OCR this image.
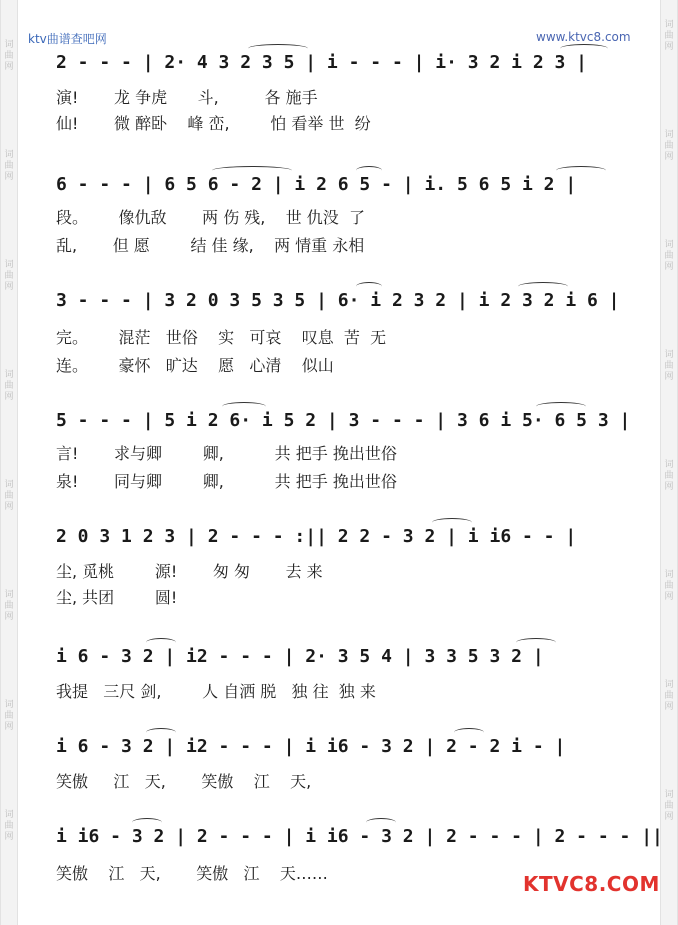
词
曲
网
词
曲
网
词
曲
网
词
曲
网
词
曲
网
词
曲
网
词
曲
网
词
曲
网
词
曲
网
词
曲
网
词
曲
网
词
曲
网
词
曲
网
词
曲
网
词
曲
网
词
曲
网
ktv曲谱查吧网	www.ktvc8.com
2 - - - | 2· 4 3 2 3 5 | i - - - | i· 3 2 i 2 3 |
演!       龙 争虎      斗,         各 施手
仙!       微 醉卧    峰 峦,        怕 看举 世  纷
6 - - - | 6 5 6 - 2 | i 2 6 5 - | i. 5 6 5 i 2 |
段。      像仇敌       两 伤 残,    世 仇没  了
乱,       但 愿        结 佳 缘,    两 情重 永相
3 - - - | 3 2 0 3 5 3 5 | 6· i 2 3 2 | i 2 3 2 i 6 |
完。      混茫   世俗    实   可哀    叹息  苦  无
连。      豪怀   旷达    愿   心清    似山
5 - - - | 5 i 2 6· i 5 2 | 3 - - - | 3 6 i 5· 6 5 3 |
言!       求与卿        卿,          共 把手 挽出世俗
泉!       同与卿        卿,          共 把手 挽出世俗
2 0 3 1 2 3 | 2 - - - :|| 2 2 - 3 2 | i i6 - - |
尘, 觅桃        源!       匆 匆       去 来
尘, 共团        圆!
i 6 - 3 2 | i2 - - - | 2· 3 5 4 | 3 3 5 3 2 |
我提   三尺 剑,        人 自洒 脱   独 往  独 来
i 6 - 3 2 | i2 - - - | i i6 - 3 2 | 2 - 2 i - |
笑傲     江   天,       笑傲    江    天,
i i6 - 3 2 | 2 - - - | i i6 - 3 2 | 2 - - - | 2 - - - ||
笑傲    江   天,       笑傲   江    天……	KTVC8.COM
